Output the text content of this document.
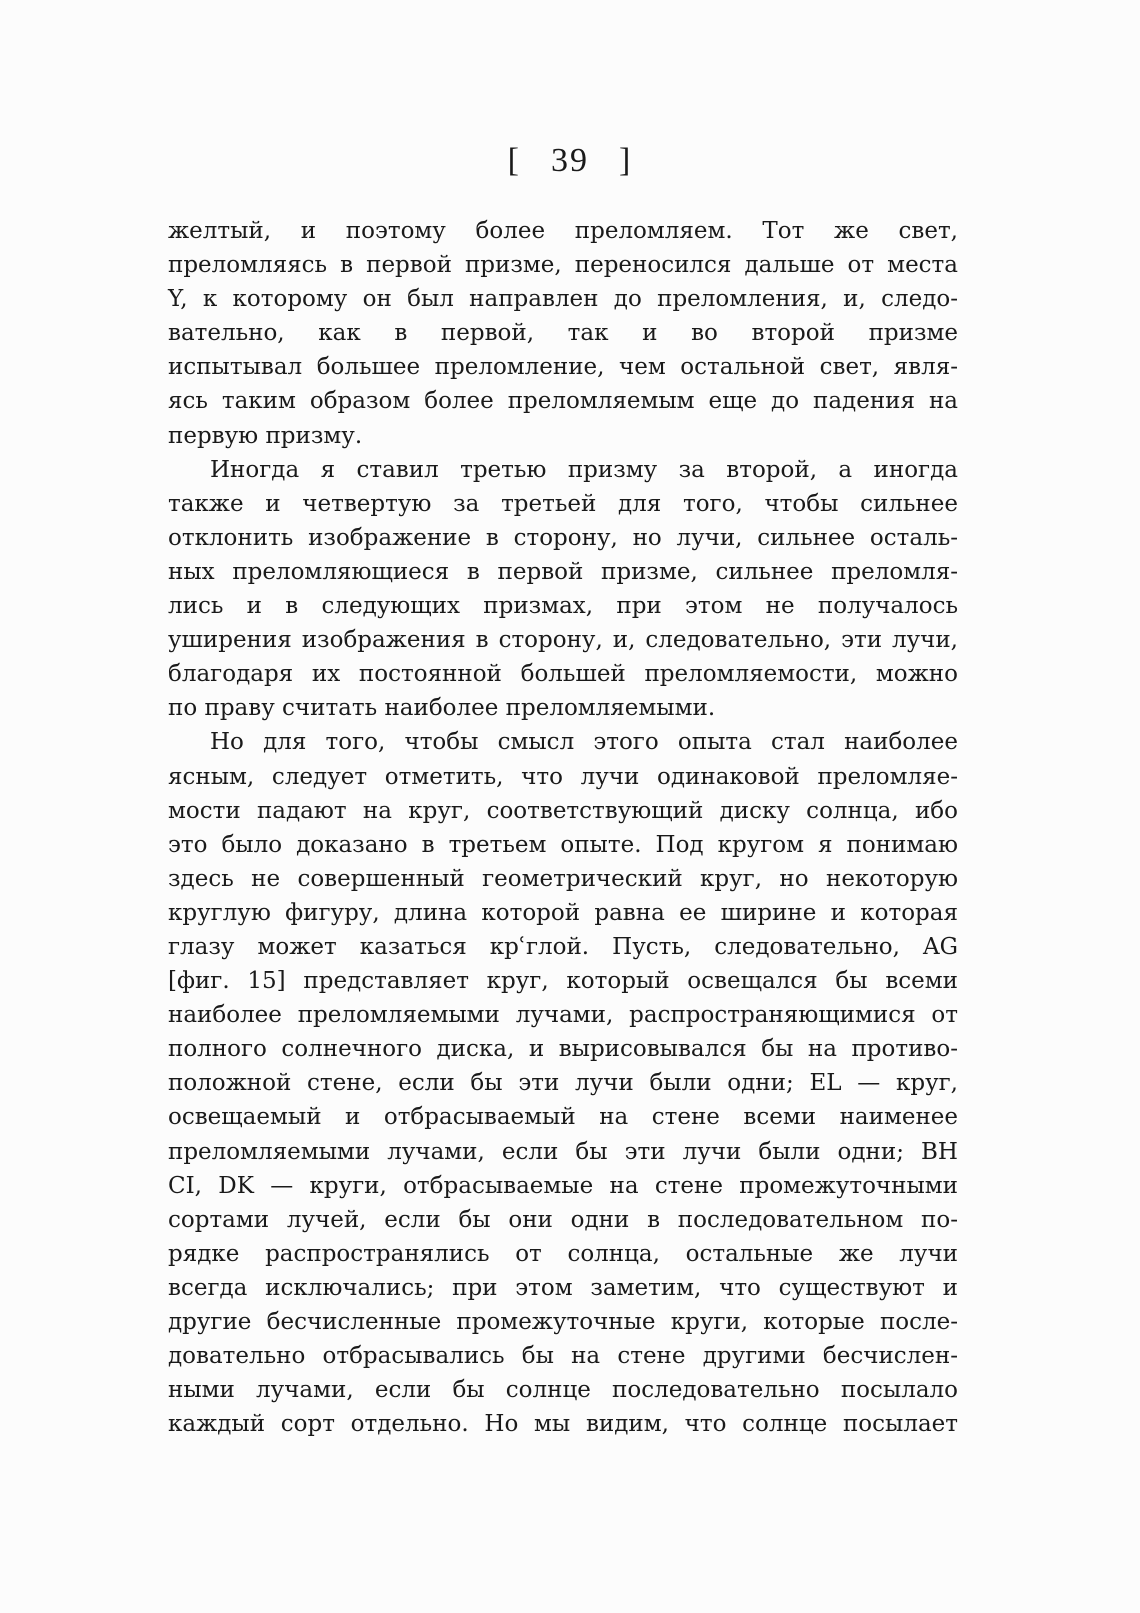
[ 39 ]
желтый, и поэтому более преломляем. Тот же свет,
преломляясь в первой призме, переносился дальше от места
Y, к которому он был направлен до преломления, и, следо-
вательно, как в первой, так и во второй призме
испытывал большее преломление, чем остальной свет, явля-
ясь таким образом более преломляемым еще до падения на
первую призму.
Иногда я ставил третью призму за второй, а иногда
также и четвертую за третьей для того, чтобы сильнее
отклонить изображение в сторону, но лучи, сильнее осталь-
ных преломляющиеся в первой призме, сильнее преломля-
лись и в следующих призмах, при этом не получалось
уширения изображения в сторону, и, следовательно, эти лучи,
благодаря их постоянной большей преломляемости, можно
по праву считать наиболее преломляемыми.
Но для того, чтобы смысл этого опыта стал наиболее
ясным, следует отметить, что лучи одинаковой преломляе-
мости падают на круг, соответствующий диску солнца, ибо
это было доказано в третьем опыте. Под кругом я понимаю
здесь не совершенный геометрический круг, но некоторую
круглую фигуру, длина которой равна ее ширине и которая
глазу может казаться крʿглой. Пусть, следовательно, AG
[фиг. 15] представляет круг, который освещался бы всеми
наиболее преломляемыми лучами, распространяющимися от
полного солнечного диска, и вырисовывался бы на противо-
положной стене, если бы эти лучи были одни; EL — круг,
освещаемый и отбрасываемый на стене всеми наименее
преломляемыми лучами, если бы эти лучи были одни; BH
CI, DK — круги, отбрасываемые на стене промежуточными
сортами лучей, если бы они одни в последовательном по-
рядке распространялись от солнца, остальные же лучи
всегда исключались; при этом заметим, что существуют и
другие бесчисленные промежуточные круги, которые после-
довательно отбрасывались бы на стене другими бесчислен-
ными лучами, если бы солнце последовательно посылало
каждый сорт отдельно. Но мы видим, что солнце посылает
